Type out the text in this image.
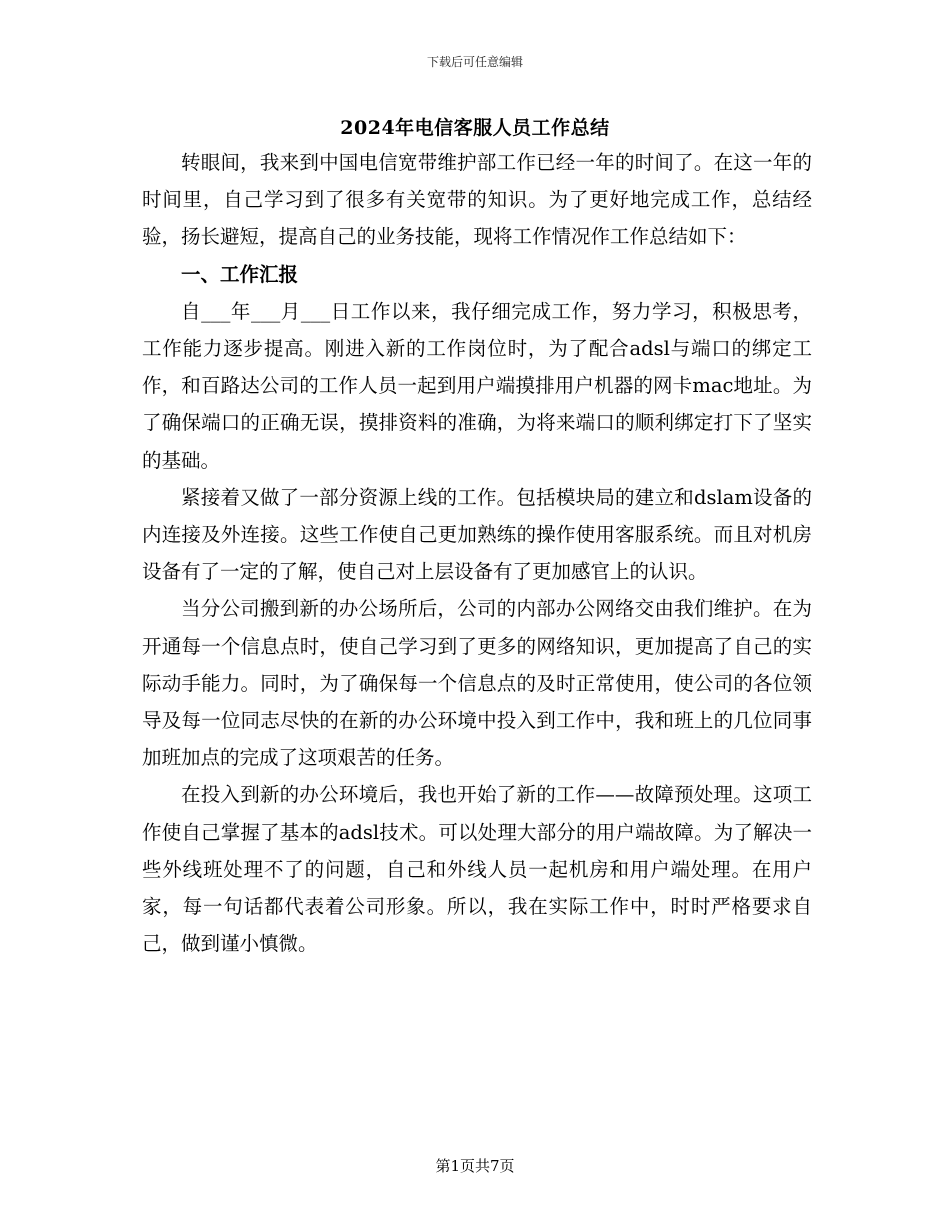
下载后可任意编辑
2024年电信客服人员工作总结

转眼间，我来到中国电信宽带维护部工作已经一年的时间了。在这一年的时间里，自己学习到了很多有关宽带的知识。为了更好地完成工作，总结经验，扬长避短，提高自己的业务技能，现将工作情况作工作总结如下：

一、工作汇报

自___年___月___日工作以来，我仔细完成工作，努力学习，积极思考，工作能力逐步提高。刚进入新的工作岗位时，为了配合adsl与端口的绑定工作，和百路达公司的工作人员一起到用户端摸排用户机器的网卡mac地址。为了确保端口的正确无误，摸排资料的准确，为将来端口的顺利绑定打下了坚实的基础。

紧接着又做了一部分资源上线的工作。包括模块局的建立和dslam设备的内连接及外连接。这些工作使自己更加熟练的操作使用客服系统。而且对机房设备有了一定的了解，使自己对上层设备有了更加感官上的认识。

当分公司搬到新的办公场所后，公司的内部办公网络交由我们维护。在为开通每一个信息点时，使自己学习到了更多的网络知识，更加提高了自己的实际动手能力。同时，为了确保每一个信息点的及时正常使用，使公司的各位领导及每一位同志尽快的在新的办公环境中投入到工作中，我和班上的几位同事加班加点的完成了这项艰苦的任务。

在投入到新的办公环境后，我也开始了新的工作——故障预处理。这项工作使自己掌握了基本的adsl技术。可以处理大部分的用户端故障。为了解决一些外线班处理不了的问题，自己和外线人员一起机房和用户端处理。在用户家，每一句话都代表着公司形象。所以，我在实际工作中，时时严格要求自己，做到谨小慎微。

第1页共7页
